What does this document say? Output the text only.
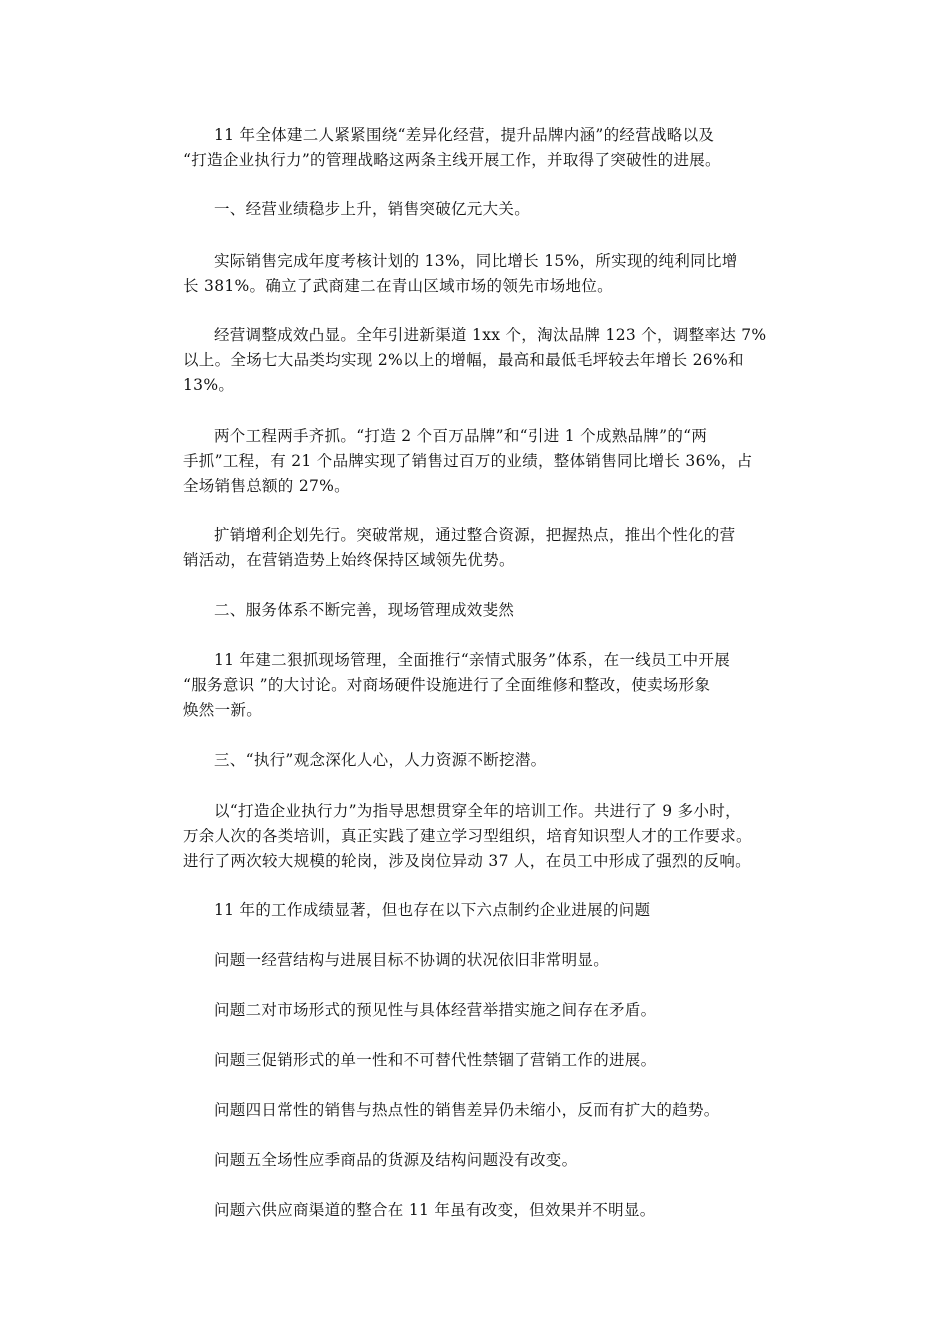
11 年全体建二人紧紧围绕“差异化经营，提升品牌内涵”的经营战略以及
“打造企业执行力”的管理战略这两条主线开展工作，并取得了突破性的进展。
一、经营业绩稳步上升，销售突破亿元大关。
实际销售完成年度考核计划的 13%，同比增长 15%，所实现的纯利同比增
长 381%。确立了武商建二在青山区域市场的领先市场地位。
经营调整成效凸显。全年引进新渠道 1xx 个，淘汰品牌 123 个，调整率达 7%
以上。全场七大品类均实现 2%以上的增幅，最高和最低毛坪较去年增长 26%和
13%。
两个工程两手齐抓。“打造 2 个百万品牌”和“引进 1 个成熟品牌”的“两
手抓”工程，有 21 个品牌实现了销售过百万的业绩，整体销售同比增长 36%，占
全场销售总额的 27%。
扩销增利企划先行。突破常规，通过整合资源，把握热点，推出个性化的营
销活动，在营销造势上始终保持区域领先优势。
二、服务体系不断完善，现场管理成效斐然
11 年建二狠抓现场管理，全面推行“亲情式服务”体系，在一线员工中开展
“服务意识 ”的大讨论。对商场硬件设施进行了全面维修和整改，使卖场形象
焕然一新。
三、“执行”观念深化人心，人力资源不断挖潜。
以“打造企业执行力”为指导思想贯穿全年的培训工作。共进行了 9 多小时，
万余人次的各类培训，真正实践了建立学习型组织，培育知识型人才的工作要求。
进行了两次较大规模的轮岗，涉及岗位异动 37 人，在员工中形成了强烈的反响。
11 年的工作成绩显著，但也存在以下六点制约企业进展的问题
问题一经营结构与进展目标不协调的状况依旧非常明显。
问题二对市场形式的预见性与具体经营举措实施之间存在矛盾。
问题三促销形式的单一性和不可替代性禁锢了营销工作的进展。
问题四日常性的销售与热点性的销售差异仍未缩小，反而有扩大的趋势。
问题五全场性应季商品的货源及结构问题没有改变。
问题六供应商渠道的整合在 11 年虽有改变，但效果并不明显。
